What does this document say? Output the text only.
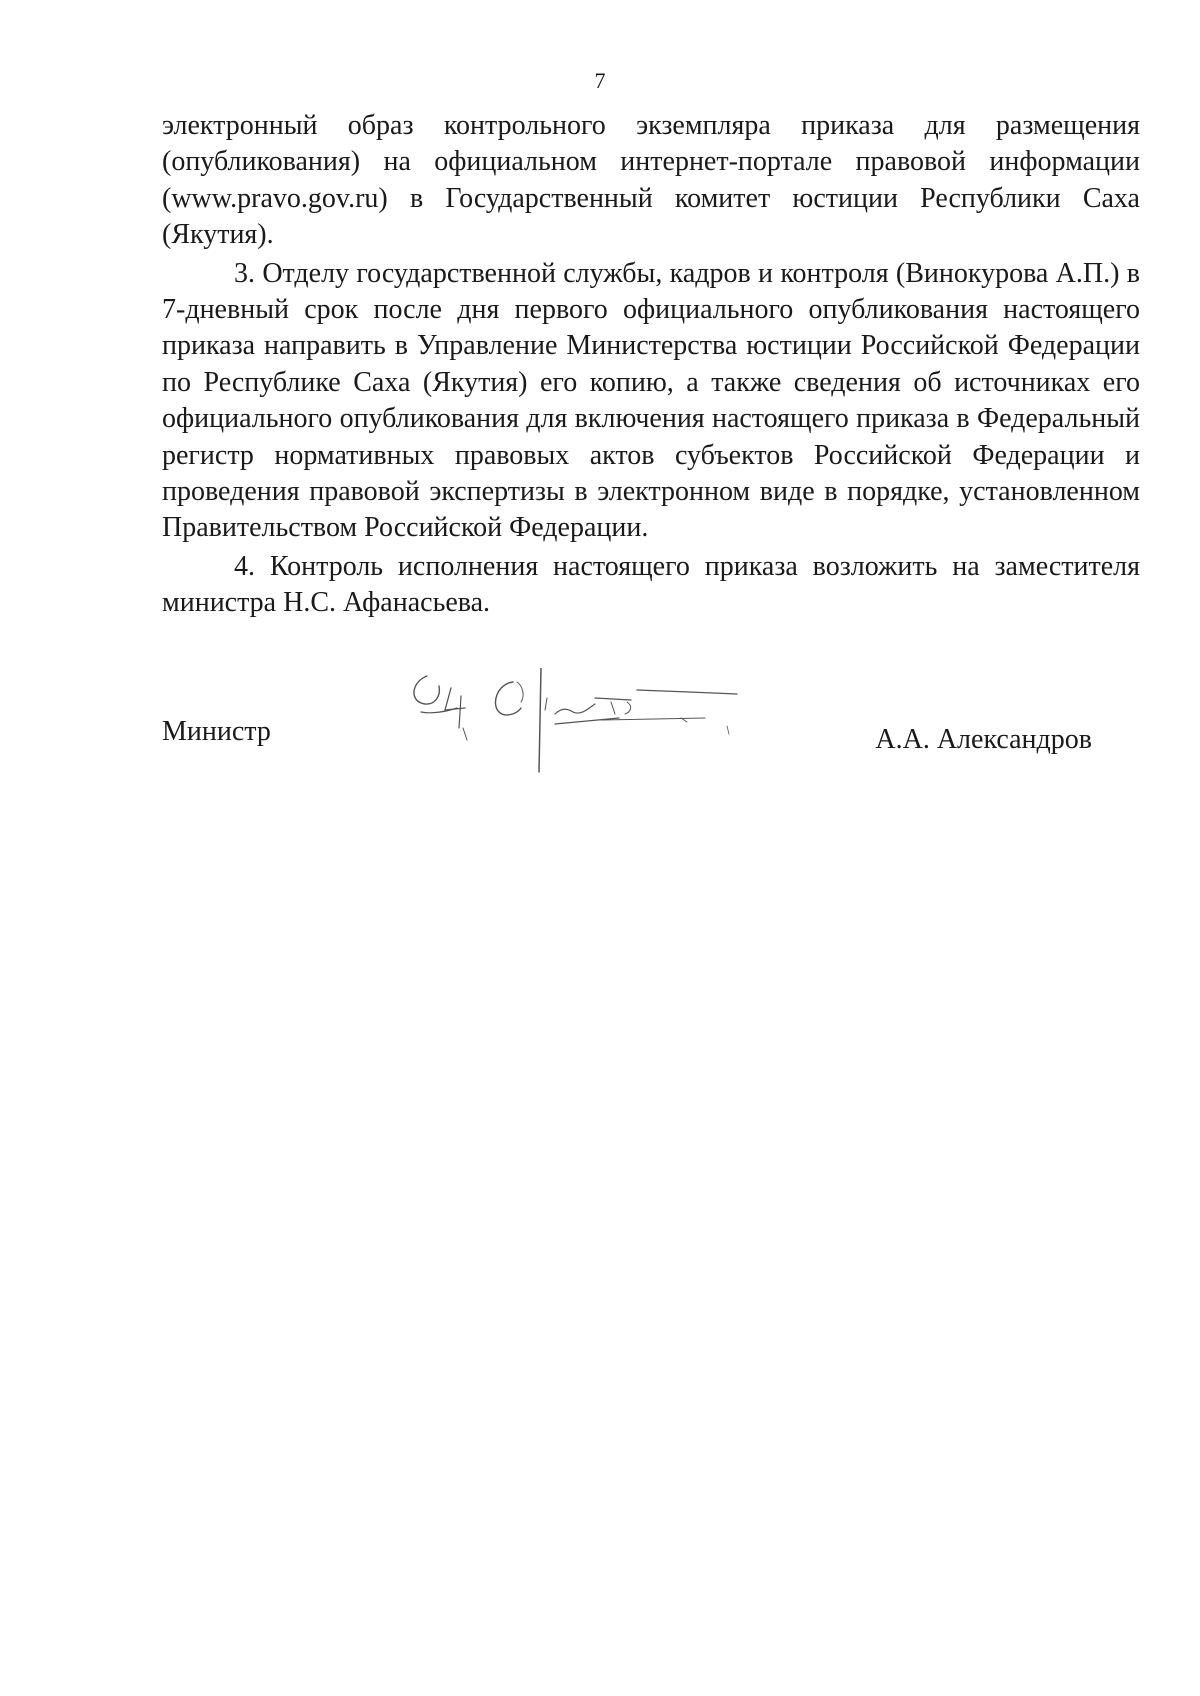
7

электронный образ контрольного экземпляра приказа для размещения (опубликования) на официальном интернет-портале правовой информации (www.pravo.gov.ru) в Государственный комитет юстиции Республики Саха (Якутия).

3. Отделу государственной службы, кадров и контроля (Винокурова А.П.) в 7-дневный срок после дня первого официального опубликования настоящего приказа направить в Управление Министерства юстиции Российской Федерации по Республике Саха (Якутия) его копию, а также сведения об источниках его официального опубликования для включения настоящего приказа в Федеральный регистр нормативных правовых актов субъектов Российской Федерации и проведения правовой экспертизы в электронном виде в порядке, установленном Правительством Российской Федерации.

4. Контроль исполнения настоящего приказа возложить на заместителя министра Н.С. Афанасьева.

Министр	А.А. Александров
